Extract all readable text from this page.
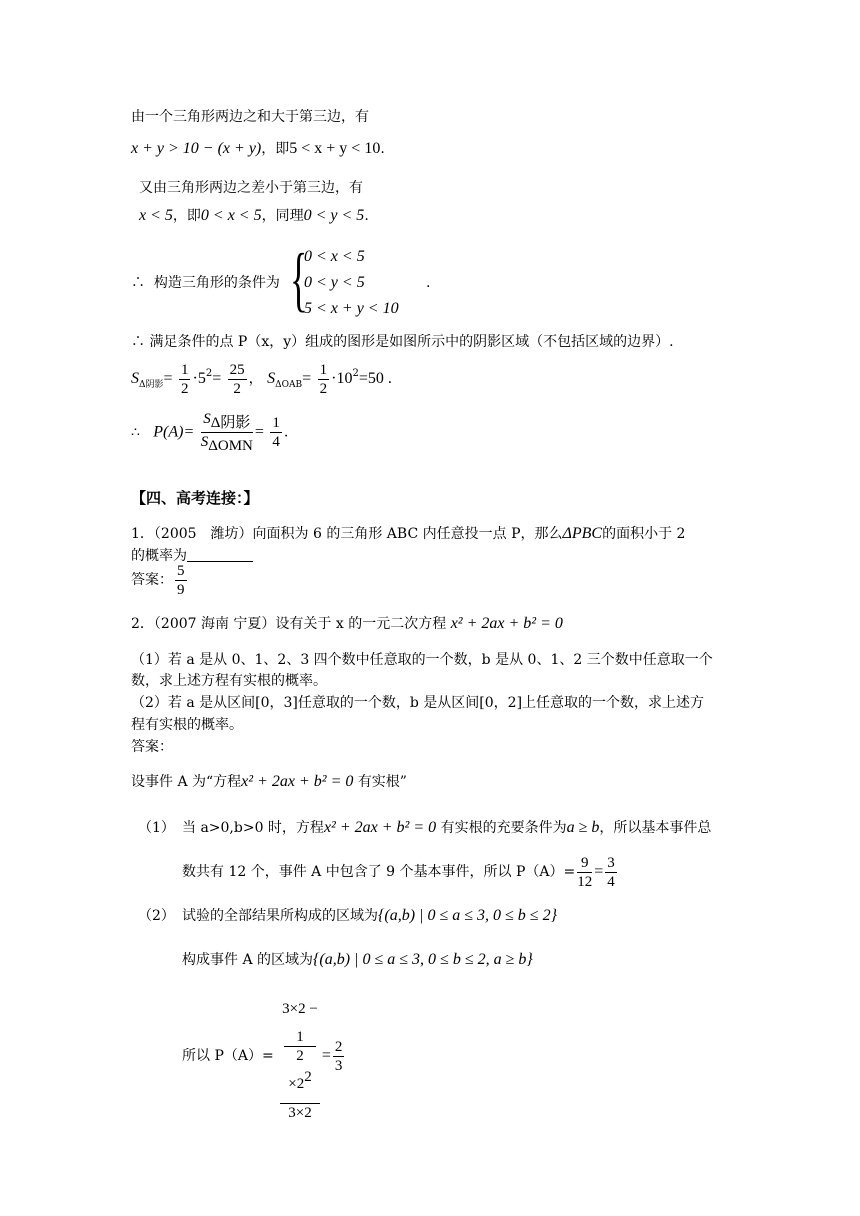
由一个三角形两边之和大于第三边，有
x + y > 10 − (x + y)，即5 < x + y < 10.
又由三角形两边之差小于第三边，有
x < 5，即0 < x < 5，同理0 < y < 5.
∴ 构造三角形的条件为 {
0 < x < 5
0 < y < 5
5 < x + y < 10
.
∴ 满足条件的点 P（x，y）组成的图形是如图所示中的阴影区域（不包括区域的边界）.
$S_{\Delta 阴影}= \frac{1}{2} \cdot 5^2= \frac{25}{2}$ ， $S_{\Delta OAB}= \frac{1}{2} \cdot 10^2=50$ .
∴ $P(A)= \frac{\text{SΔ阴影}}{\text{SΔOMN}} = \frac{1}{4}$ .
【四、高考连接：】
1．（2005　潍坊）向面积为 6 的三角形 ABC 内任意投一点 P，那么ΔPBC的面积小于 2
的概率为
答案： $\frac{5}{9}$
2．（2007 海南 宁夏）设有关于 x 的一元二次方程 x² + 2ax + b² = 0
（1）若 a 是从 0、1、2、3 四个数中任意取的一个数，b 是从 0、1、2 三个数中任意取一个
数，求上述方程有实根的概率。
（2）若 a 是从区间[0，3]任意取的一个数，b 是从区间[0，2]上任意取的一个数，求上述方
程有实根的概率。
答案：
设事件 A 为“方程x² + 2ax + b² = 0 有实根”
（1） 当 a>0,b>0 时，方程x² + 2ax + b² = 0 有实根的充要条件为a ≥ b，所以基本事件总
数共有 12 个，事件 A 中包含了 9 个基本事件，所以 $P(A)= \frac{9}{12} = \frac{3}{4}$
（2） 试验的全部结果所构成的区域为{(a,b) | 0 ≤ a ≤ 3, 0 ≤ b ≤ 2}
构成事件 A 的区域为{(a,b) | 0 ≤ a ≤ 3, 0 ≤ b ≤ 2, a ≥ b}
所以 P（A）= 3×2 −
1
2
×22
$3\times 2 = \frac{2}{3}$
